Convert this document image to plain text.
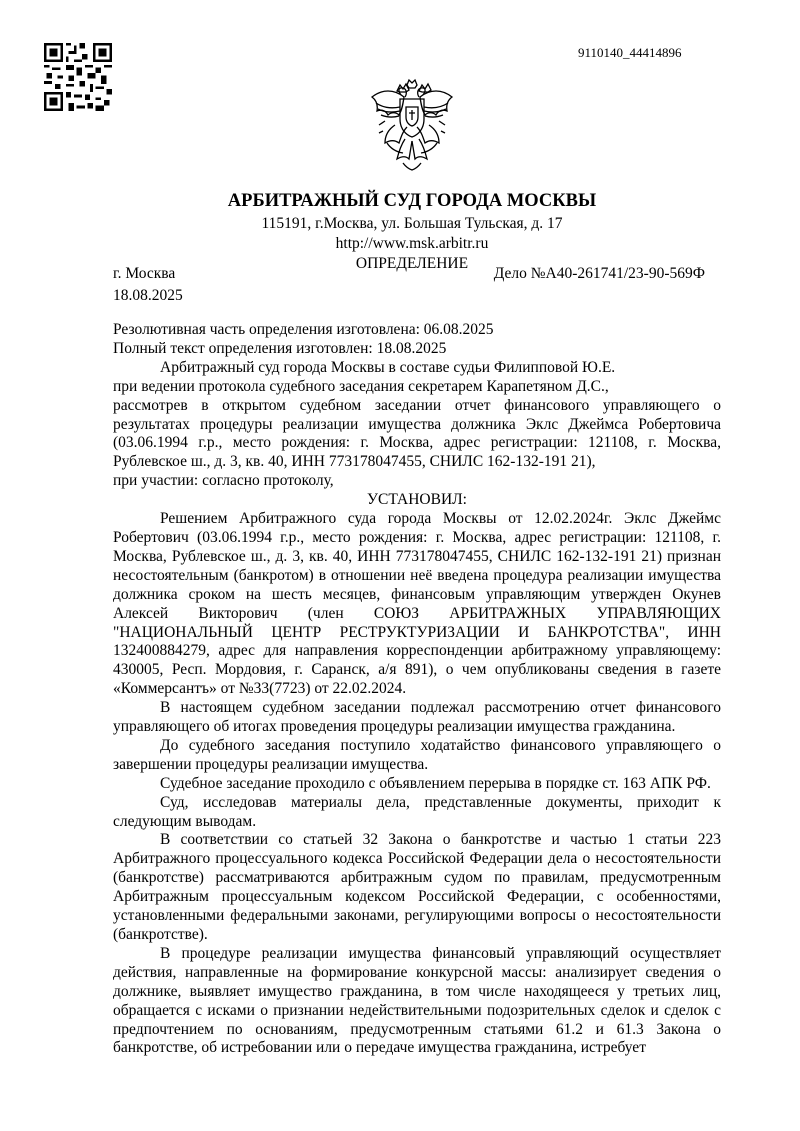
9110140_44414896
АРБИТРАЖНЫЙ СУД ГОРОДА МОСКВЫ
115191, г.Москва, ул. Большая Тульская, д. 17
http://www.msk.arbitr.ru
ОПРЕДЕЛЕНИЕ
г. Москва	Дело №А40-261741/23-90-569Ф
18.08.2025

Резолютивная часть определения изготовлена: 06.08.2025

Полный текст определения изготовлен: 18.08.2025

Арбитражный суд города Москвы в составе судьи Филипповой Ю.Е.

при ведении протокола судебного заседания секретарем Карапетяном Д.С.,

рассмотрев в открытом судебном заседании отчет финансового управляющего о результатах процедуры реализации имущества должника Эклс Джеймса Робертовича (03.06.1994 г.р., место рождения: г. Москва, адрес регистрации: 121108, г. Москва, Рублевское ш., д. 3, кв. 40, ИНН 773178047455, СНИЛС 162-132-191 21),

при участии: согласно протоколу,

УСТАНОВИЛ:

Решением Арбитражного суда города Москвы от 12.02.2024г. Эклс Джеймс Робертович (03.06.1994 г.р., место рождения: г. Москва, адрес регистрации: 121108, г. Москва, Рублевское ш., д. 3, кв. 40, ИНН 773178047455, СНИЛС 162-132-191 21) признан несостоятельным (банкротом) в отношении неё введена процедура реализации имущества должника сроком на шесть месяцев, финансовым управляющим утвержден Окунев Алексей Викторович (член СОЮЗ АРБИТРАЖНЫХ УПРАВЛЯЮЩИХ "НАЦИОНАЛЬНЫЙ ЦЕНТР РЕСТРУКТУРИЗАЦИИ И БАНКРОТСТВА", ИНН 132400884279, адрес для направления корреспонденции арбитражному управляющему: 430005, Респ. Мордовия, г. Саранск, а/я 891), о чем опубликованы сведения в газете «Коммерсантъ» от №33(7723) от 22.02.2024.

В настоящем судебном заседании подлежал рассмотрению отчет финансового управляющего об итогах проведения процедуры реализации имущества гражданина.

До судебного заседания поступило ходатайство финансового управляющего о завершении процедуры реализации имущества.

Судебное заседание проходило с объявлением перерыва в порядке ст. 163 АПК РФ.

Суд, исследовав материалы дела, представленные документы, приходит к следующим выводам.

В соответствии со статьей 32 Закона о банкротстве и частью 1 статьи 223 Арбитражного процессуального кодекса Российской Федерации дела о несостоятельности (банкротстве) рассматриваются арбитражным судом по правилам, предусмотренным Арбитражным процессуальным кодексом Российской Федерации, с особенностями, установленными федеральными законами, регулирующими вопросы о несостоятельности (банкротстве).

В процедуре реализации имущества финансовый управляющий осуществляет действия, направленные на формирование конкурсной массы: анализирует сведения о должнике, выявляет имущество гражданина, в том числе находящееся у третьих лиц, обращается с исками о признании недействительными подозрительных сделок и сделок с предпочтением по основаниям, предусмотренным статьями 61.2 и 61.3 Закона о банкротстве, об истребовании или о передаче имущества гражданина, истребует
